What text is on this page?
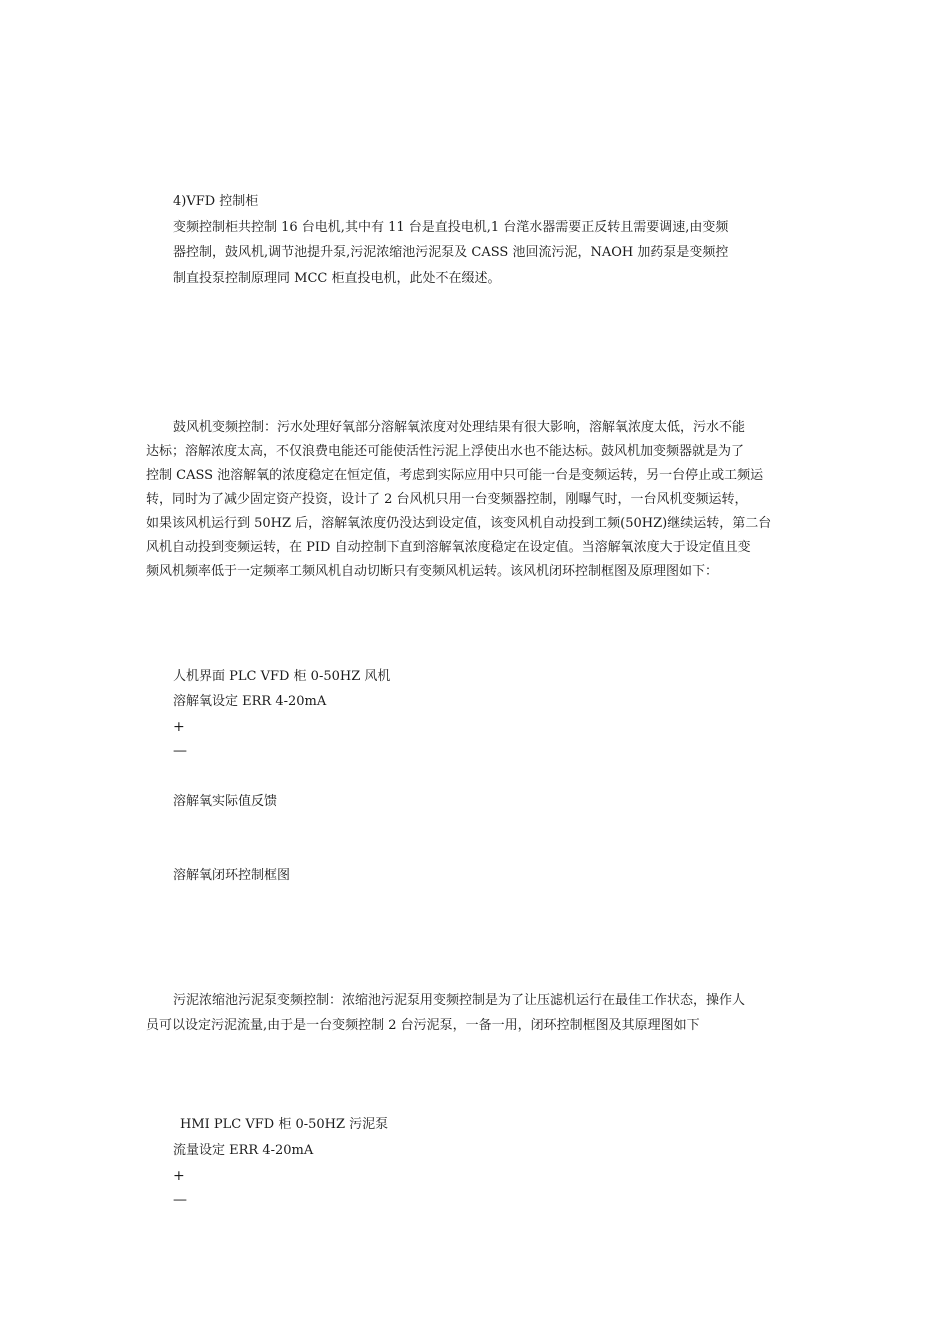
4)VFD 控制柜
变频控制柜共控制 16 台电机,其中有 11 台是直投电机,1 台滗水器需要正反转且需要调速,由变频
器控制，鼓风机,调节池提升泵,污泥浓缩池污泥泵及 CASS 池回流污泥，NAOH 加药泵是变频控
制直投泵控制原理同 MCC 柜直投电机，此处不在缀述。
鼓风机变频控制：污水处理好氧部分溶解氧浓度对处理结果有很大影响，溶解氧浓度太低，污水不能
达标；溶解浓度太高，不仅浪费电能还可能使活性污泥上浮使出水也不能达标。鼓风机加变频器就是为了
控制 CASS 池溶解氧的浓度稳定在恒定值，考虑到实际应用中只可能一台是变频运转，另一台停止或工频运
转，同时为了减少固定资产投资，设计了 2 台风机只用一台变频器控制，刚曝气时，一台风机变频运转，
如果该风机运行到 50HZ 后，溶解氧浓度仍没达到设定值，该变风机自动投到工频(50HZ)继续运转，第二台
风机自动投到变频运转，在 PID 自动控制下直到溶解氧浓度稳定在设定值。当溶解氧浓度大于设定值且变
频风机频率低于一定频率工频风机自动切断只有变频风机运转。该风机闭环控制框图及原理图如下：
人机界面 PLC VFD 柜 0-50HZ 风机
溶解氧设定 ERR 4-20mA
+
—
溶解氧实际值反馈
溶解氧闭环控制框图
污泥浓缩池污泥泵变频控制：浓缩池污泥泵用变频控制是为了让压滤机运行在最佳工作状态，操作人
员可以设定污泥流量,由于是一台变频控制 2 台污泥泵，一备一用，闭环控制框图及其原理图如下
HMI PLC VFD 柜 0-50HZ 污泥泵
流量设定 ERR 4-20mA
+
—
